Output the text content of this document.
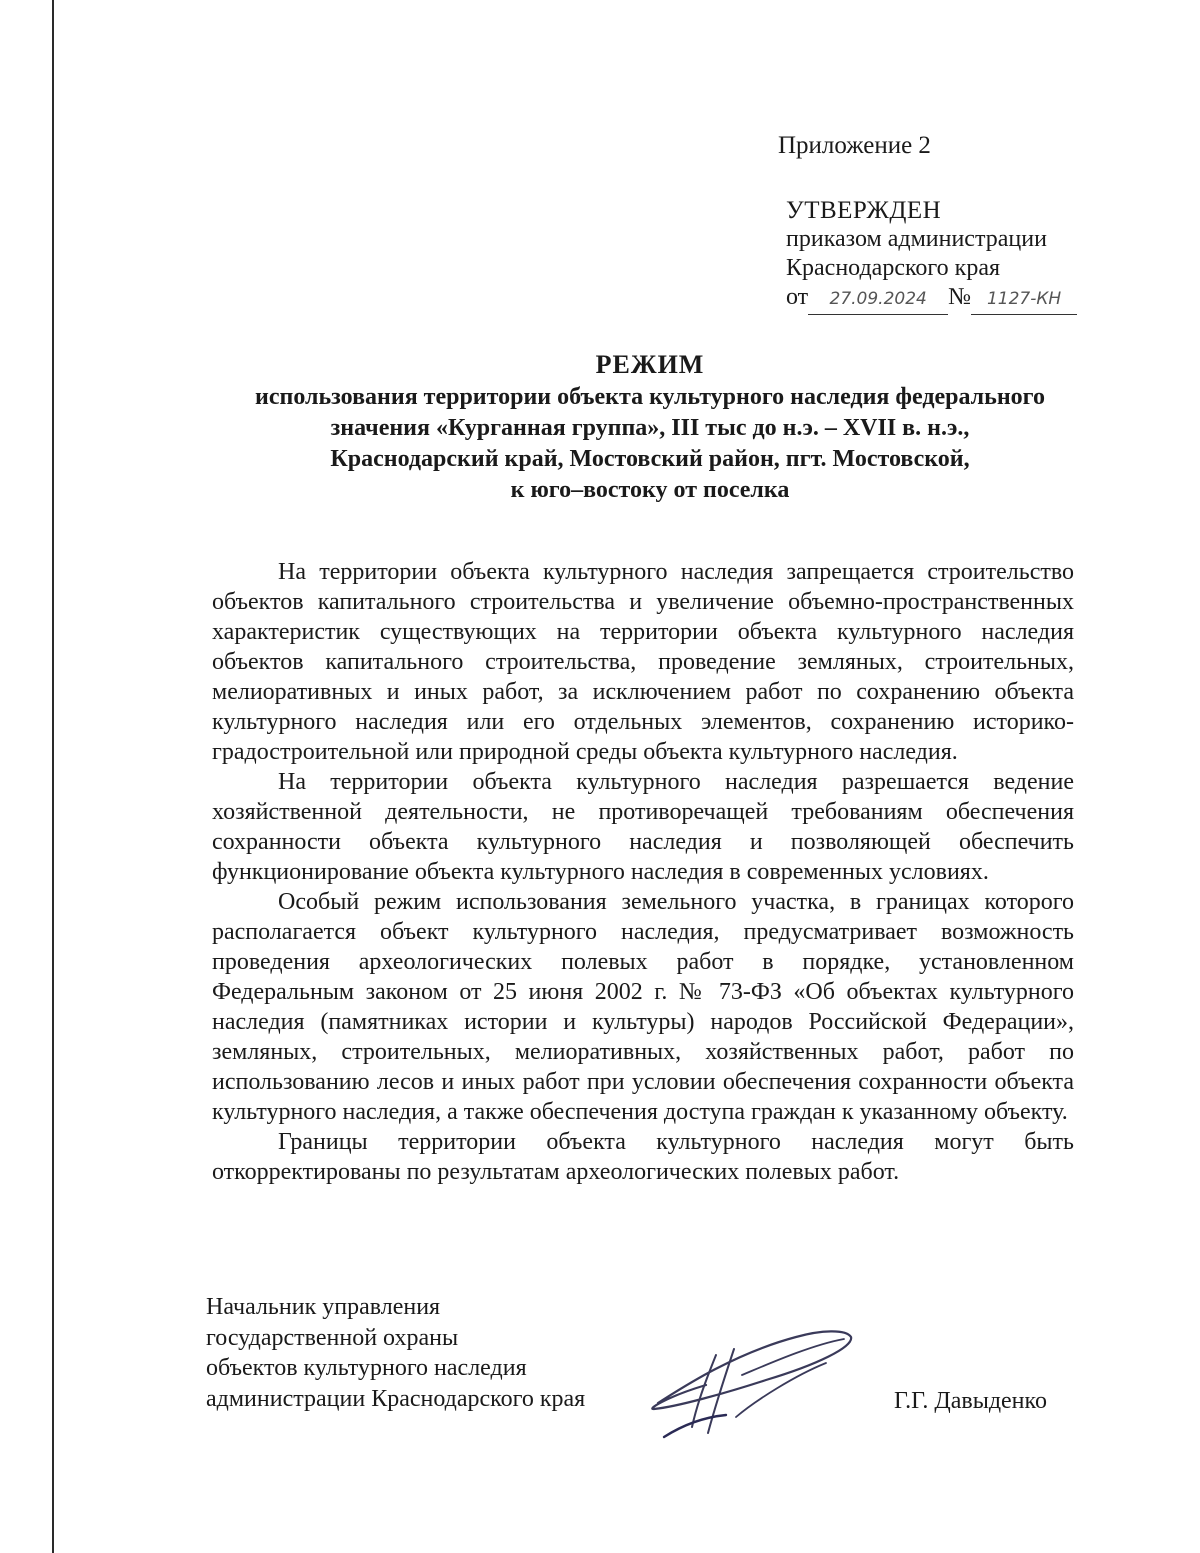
Приложение 2
УТВЕРЖДЕН
приказом администрации
Краснодарского края
от 27.09.2024 № 1127-КН
РЕЖИМ
использования территории объекта культурного наследия федерального
значения «Курганная группа», III тыс до н.э. – XVII в. н.э.,
Краснодарский край, Мостовский район, пгт. Мостовской,
к юго–востоку от поселка

На территории объекта культурного наследия запрещается строительство объектов капитального строительства и увеличение объемно-пространственных характеристик существующих на территории объекта культурного наследия объектов капитального строительства, проведение земляных, строительных, мелиоративных и иных работ, за исключением работ по сохранению объекта культурного наследия или его отдельных элементов, сохранению историко-градостроительной или природной среды объекта культурного наследия.

На территории объекта культурного наследия разрешается ведение хозяйственной деятельности, не противоречащей требованиям обеспечения сохранности объекта культурного наследия и позволяющей обеспечить функционирование объекта культурного наследия в современных условиях.

Особый режим использования земельного участка, в границах которого располагается объект культурного наследия, предусматривает возможность проведения археологических полевых работ в порядке, установленном Федеральным законом от 25 июня 2002 г. № 73-ФЗ «Об объектах культурного наследия (памятниках истории и культуры) народов Российской Федерации», земляных, строительных, мелиоративных, хозяйственных работ, работ по использованию лесов и иных работ при условии обеспечения сохранности объекта культурного наследия, а также обеспечения доступа граждан к указанному объекту.

Границы территории объекта культурного наследия могут быть откорректированы по результатам археологических полевых работ.

Начальник управления
государственной охраны
объектов культурного наследия
администрации Краснодарского края	Г.Г. Давыденко
